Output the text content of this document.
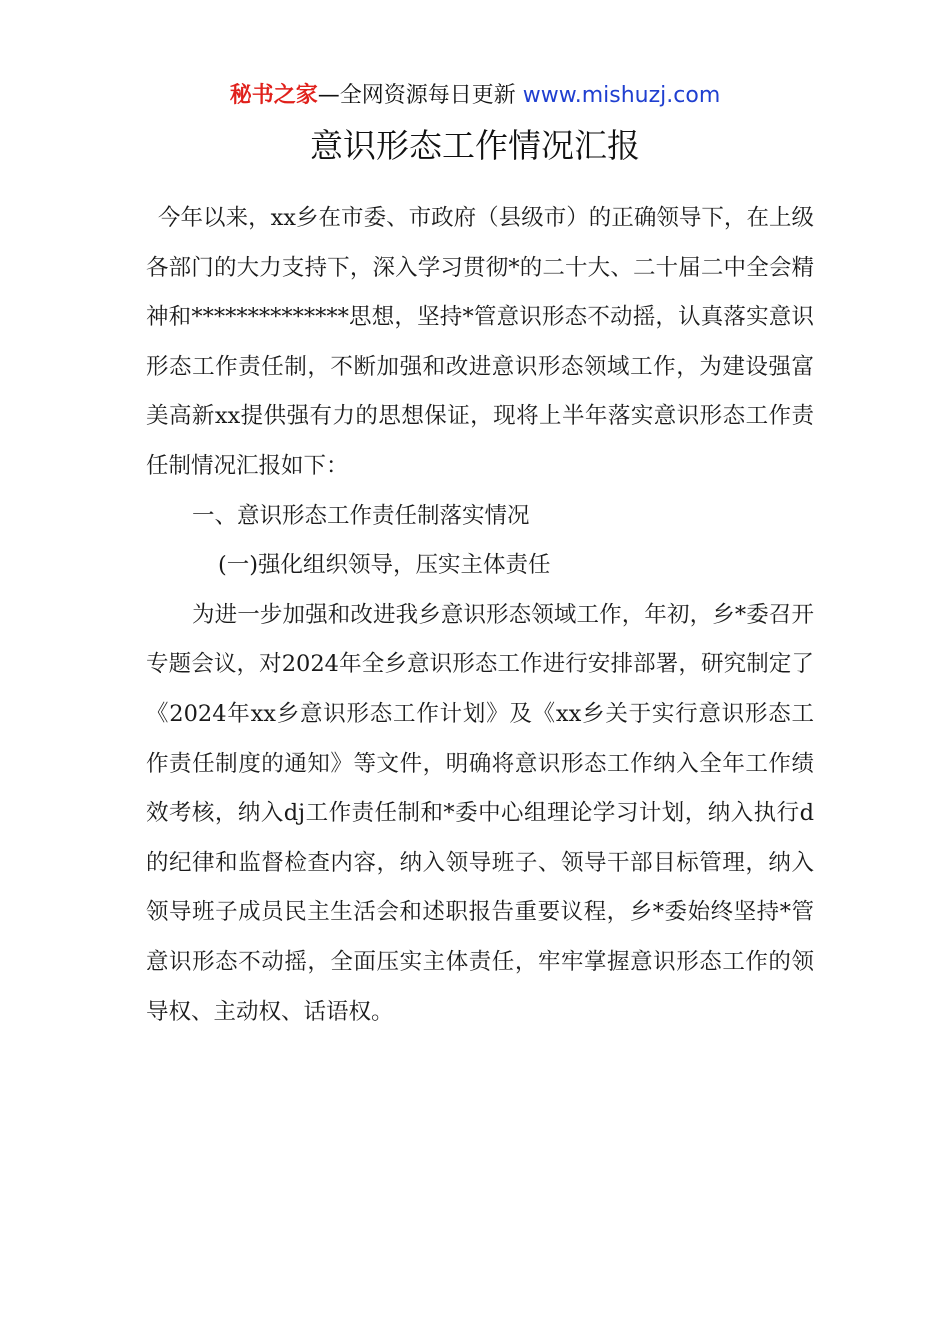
秘书之家—全网资源每日更新 www.mishuzj.com
意识形态工作情况汇报

今年以来，xx乡在市委、市政府（县级市）的正确领导下，在上级各部门的大力支持下，深入学习贯彻*的二十大、二十届二中全会精神和**************思想，坚持*管意识形态不动摇，认真落实意识形态工作责任制，不断加强和改进意识形态领域工作，为建设强富美高新xx提供强有力的思想保证，现将上半年落实意识形态工作责任制情况汇报如下：

一、意识形态工作责任制落实情况

(一)强化组织领导，压实主体责任

为进一步加强和改进我乡意识形态领域工作，年初，乡*委召开专题会议，对2024年全乡意识形态工作进行安排部署，研究制定了《2024年xx乡意识形态工作计划》及《xx乡关于实行意识形态工作责任制度的通知》等文件，明确将意识形态工作纳入全年工作绩效考核，纳入dj工作责任制和*委中心组理论学习计划，纳入执行d的纪律和监督检查内容，纳入领导班子、领导干部目标管理，纳入领导班子成员民主生活会和述职报告重要议程，乡*委始终坚持*管意识形态不动摇，全面压实主体责任，牢牢掌握意识形态工作的领导权、主动权、话语权。
